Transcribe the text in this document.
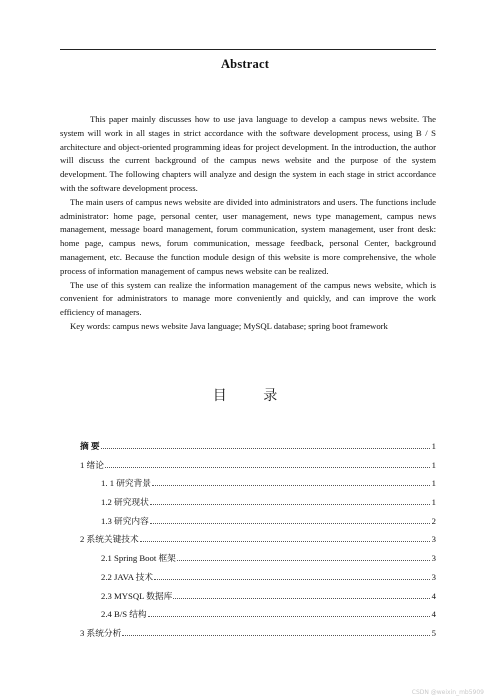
Abstract

This paper mainly discusses how to use java language to develop a campus news website. The system will work in all stages in strict accordance with the software development process, using B / S architecture and object-oriented programming ideas for project development. In the introduction, the author will discuss the current background of the campus news website and the purpose of the system development. The following chapters will analyze and design the system in each stage in strict accordance with the software development process.

The main users of campus news website are divided into administrators and users. The functions include administrator: home page, personal center, user management, news type management, campus news management, message board management, forum communication, system management, user front desk: home page, campus news, forum communication, message feedback, personal Center, background management, etc. Because the function module design of this website is more comprehensive, the whole process of information management of campus news website can be realized.

The use of this system can realize the information management of the campus news website, which is convenient for administrators to manage more conveniently and quickly, and can improve the work efficiency of managers.

Key words: campus news website Java language; MySQL database; spring boot framework

目 录
摘 要	1
1 绪论	1
1. 1 研究背景	1
1.2 研究现状	1
1.3 研究内容	2
2 系统关键技术	3
2.1 Spring Boot 框架	3
2.2 JAVA 技术	3
2.3 MYSQL 数据库	4
2.4 B/S 结构	4
3 系统分析	5
CSDN @weixin_mb5909
